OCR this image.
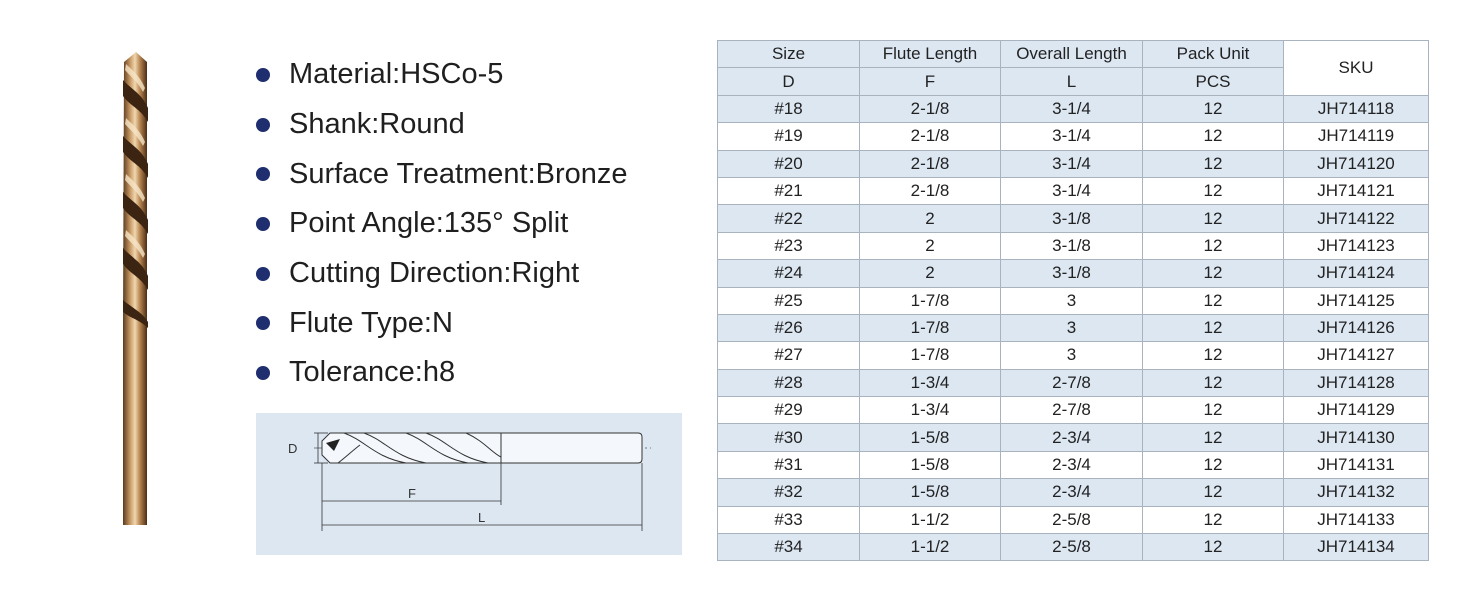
Material : HSCo-5
Shank : Round
Surface Treatment : Bronze
Point Angle : 135° Split
Cutting Direction : Right
Flute Type : N
Tolerance : h8
D
F
L
Size	Flute Length	Overall Length	Pack Unit	SKU
D	F	L	PCS	
#18	2-1/8	3-1/4	12	JH714118
#19	2-1/8	3-1/4	12	JH714119
#20	2-1/8	3-1/4	12	JH714120
#21	2-1/8	3-1/4	12	JH714121
#22	2	3-1/8	12	JH714122
#23	2	3-1/8	12	JH714123
#24	2	3-1/8	12	JH714124
#25	1-7/8	3	12	JH714125
#26	1-7/8	3	12	JH714126
#27	1-7/8	3	12	JH714127
#28	1-3/4	2-7/8	12	JH714128
#29	1-3/4	2-7/8	12	JH714129
#30	1-5/8	2-3/4	12	JH714130
#31	1-5/8	2-3/4	12	JH714131
#32	1-5/8	2-3/4	12	JH714132
#33	1-1/2	2-5/8	12	JH714133
#34	1-1/2	2-5/8	12	JH714134
